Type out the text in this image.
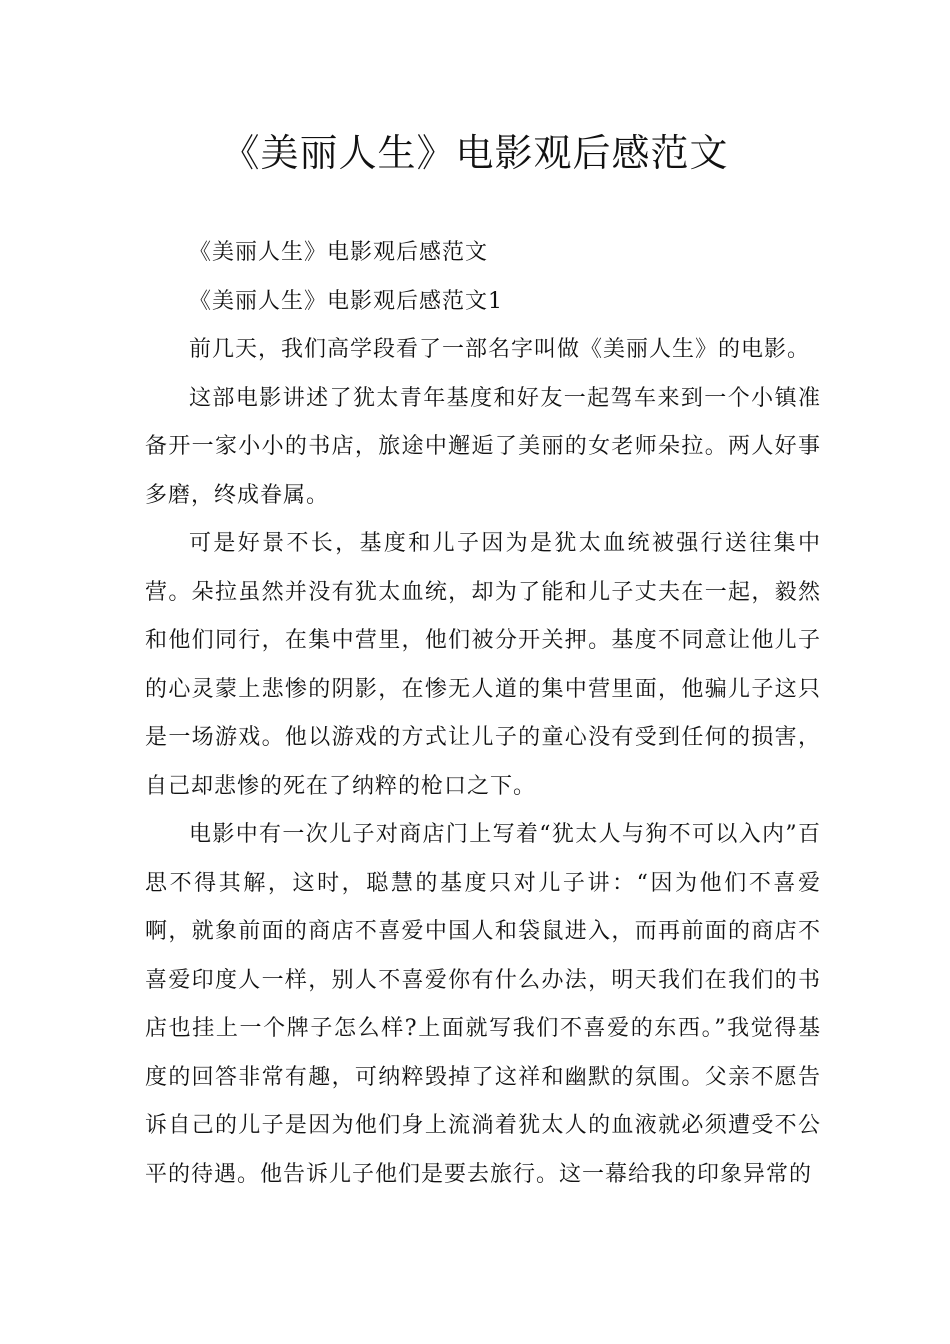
《美丽人生》电影观后感范文

《美丽人生》电影观后感范文

《美丽人生》电影观后感范文1

前几天，我们高学段看了一部名字叫做《美丽人生》的电影。

这部电影讲述了犹太青年基度和好友一起驾车来到一个小镇准备开一家小小的书店，旅途中邂逅了美丽的女老师朵拉。两人好事多磨，终成眷属。

可是好景不长，基度和儿子因为是犹太血统被强行送往集中营。朵拉虽然并没有犹太血统，却为了能和儿子丈夫在一起，毅然和他们同行，在集中营里，他们被分开关押。基度不同意让他儿子的心灵蒙上悲惨的阴影，在惨无人道的集中营里面，他骗儿子这只是一场游戏。他以游戏的方式让儿子的童心没有受到任何的损害，自己却悲惨的死在了纳粹的枪口之下。

电影中有一次儿子对商店门上写着“犹太人与狗不可以入内”百思不得其解，这时，聪慧的基度只对儿子讲：“因为他们不喜爱啊，就象前面的商店不喜爱中国人和袋鼠进入，而再前面的商店不喜爱印度人一样，别人不喜爱你有什么办法，明天我们在我们的书店也挂上一个牌子怎么样?上面就写我们不喜爱的东西。”我觉得基度的回答非常有趣，可纳粹毁掉了这祥和幽默的氛围。父亲不愿告诉自己的儿子是因为他们身上流淌着犹太人的血液就必须遭受不公平的待遇。他告诉儿子他们是要去旅行。这一幕给我的印象异常的
